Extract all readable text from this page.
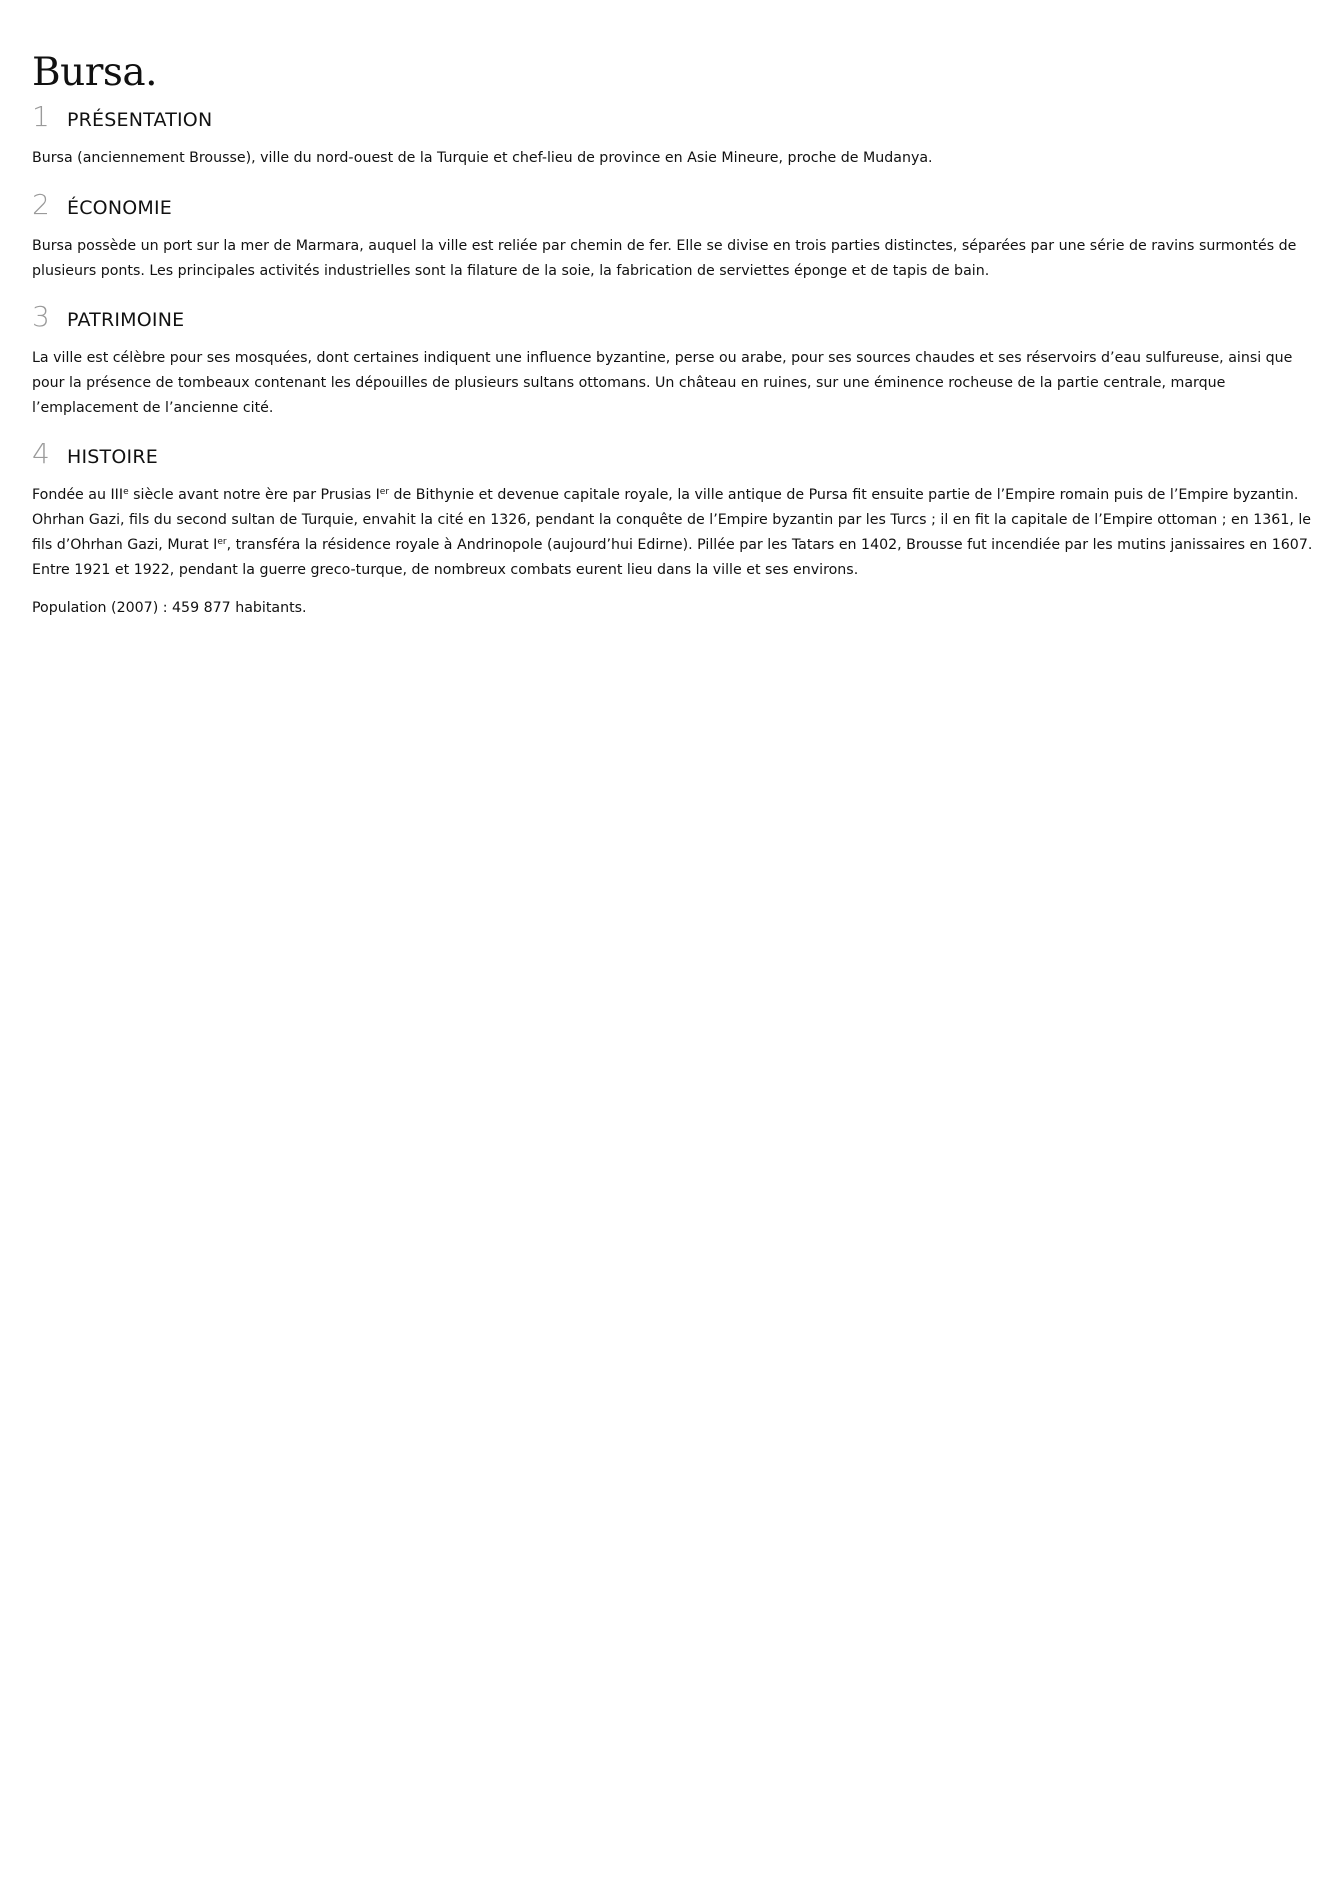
Bursa.
1 PRÉSENTATION

Bursa (anciennement Brousse), ville du nord-ouest de la Turquie et chef-lieu de province en Asie Mineure, proche de Mudanya.

2 ÉCONOMIE

Bursa possède un port sur la mer de Marmara, auquel la ville est reliée par chemin de fer. Elle se divise en trois parties distinctes, séparées par une série de ravins surmontés de plusieurs ponts. Les principales activités industrielles sont la filature de la soie, la fabrication de serviettes éponge et de tapis de bain.

3 PATRIMOINE

La ville est célèbre pour ses mosquées, dont certaines indiquent une influence byzantine, perse ou arabe, pour ses sources chaudes et ses réservoirs d’eau sulfureuse, ainsi que pour la présence de tombeaux contenant les dépouilles de plusieurs sultans ottomans. Un château en ruines, sur une éminence rocheuse de la partie centrale, marque l’emplacement de l’ancienne cité.

4 HISTOIRE

Fondée au IIIe siècle avant notre ère par Prusias Ier de Bithynie et devenue capitale royale, la ville antique de Pursa fit ensuite partie de l’Empire romain puis de l’Empire byzantin. Ohrhan Gazi, fils du second sultan de Turquie, envahit la cité en 1326, pendant la conquête de l’Empire byzantin par les Turcs ; il en fit la capitale de l’Empire ottoman ; en 1361, le fils d’Ohrhan Gazi, Murat Ier, transféra la résidence royale à Andrinopole (aujourd’hui Edirne). Pillée par les Tatars en 1402, Brousse fut incendiée par les mutins janissaires en 1607. Entre 1921 et 1922, pendant la guerre greco-turque, de nombreux combats eurent lieu dans la ville et ses environs.

Population (2007) : 459 877 habitants.
